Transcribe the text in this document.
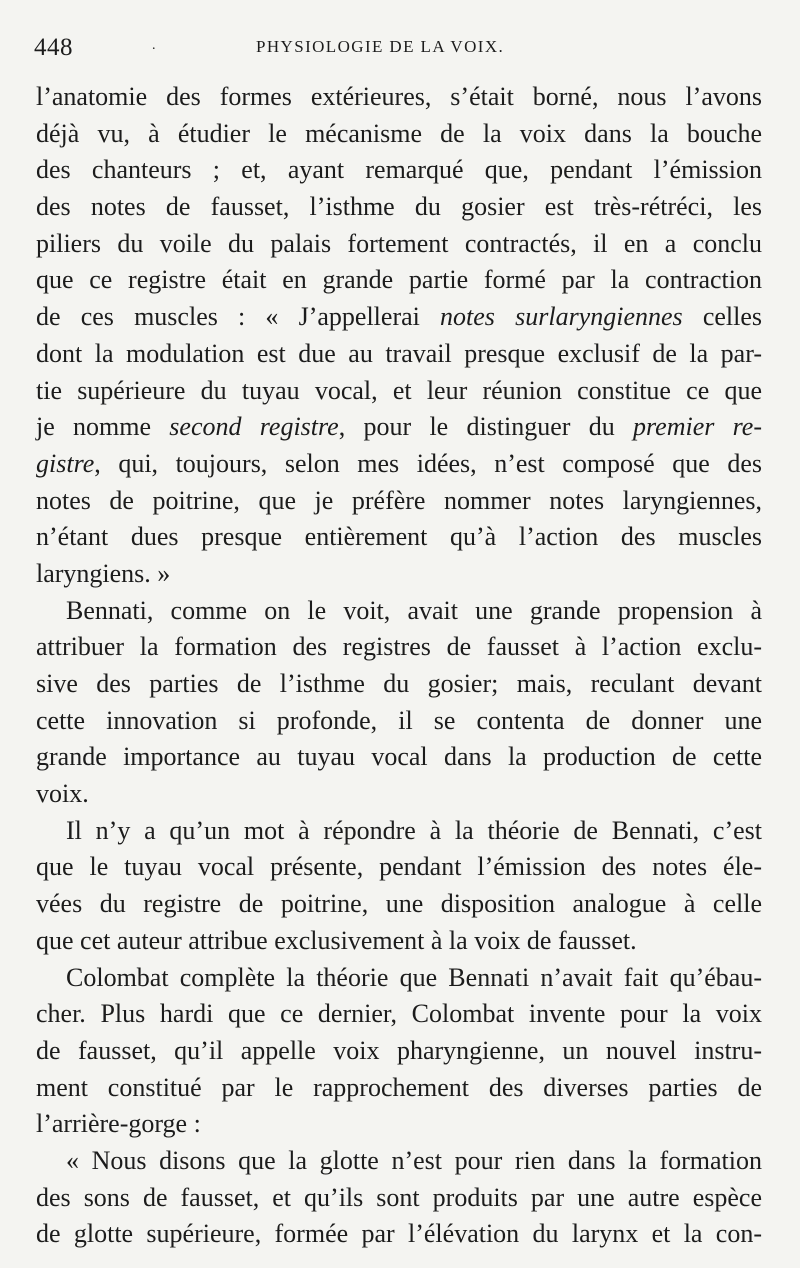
448	.	PHYSIOLOGIE DE LA VOIX.
l’anatomie des formes extérieures, s’était borné, nous l’avons
déjà vu, à étudier le mécanisme de la voix dans la bouche
des chanteurs ; et, ayant remarqué que, pendant l’émission
des notes de fausset, l’isthme du gosier est très-rétréci, les
piliers du voile du palais fortement contractés, il en a conclu
que ce registre était en grande partie formé par la contraction
de ces muscles : « J’appellerai notes surlaryngiennes celles
dont la modulation est due au travail presque exclusif de la par-
tie supérieure du tuyau vocal, et leur réunion constitue ce que
je nomme second registre, pour le distinguer du premier re-
gistre, qui, toujours, selon mes idées, n’est composé que des
notes de poitrine, que je préfère nommer notes laryngiennes,
n’étant dues presque entièrement qu’à l’action des muscles
laryngiens. »
Bennati, comme on le voit, avait une grande propension à
attribuer la formation des registres de fausset à l’action exclu-
sive des parties de l’isthme du gosier; mais, reculant devant
cette innovation si profonde, il se contenta de donner une
grande importance au tuyau vocal dans la production de cette
voix.
Il n’y a qu’un mot à répondre à la théorie de Bennati, c’est
que le tuyau vocal présente, pendant l’émission des notes éle-
vées du registre de poitrine, une disposition analogue à celle
que cet auteur attribue exclusivement à la voix de fausset.
Colombat complète la théorie que Bennati n’avait fait qu’ébau-
cher. Plus hardi que ce dernier, Colombat invente pour la voix
de fausset, qu’il appelle voix pharyngienne, un nouvel instru-
ment constitué par le rapprochement des diverses parties de
l’arrière-gorge :
« Nous disons que la glotte n’est pour rien dans la formation
des sons de fausset, et qu’ils sont produits par une autre espèce
de glotte supérieure, formée par l’élévation du larynx et la con-
